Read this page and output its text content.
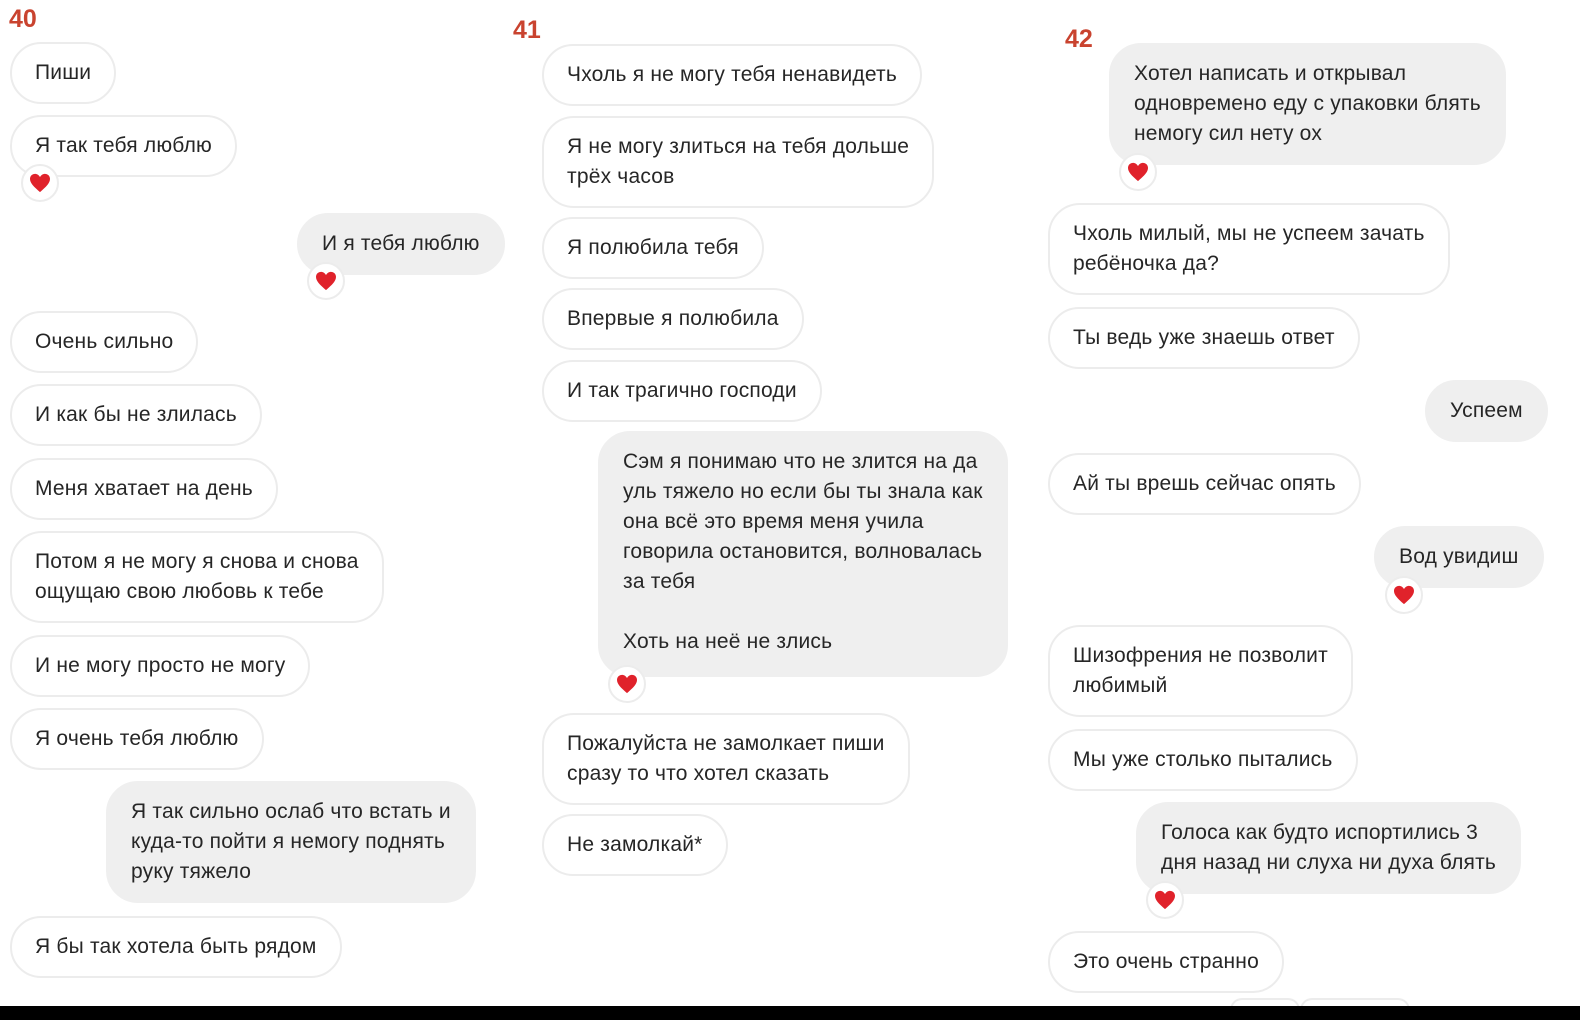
40
Пиши
Я так тебя люблю
И я тебя люблю
Очень сильно
И как бы не злилась
Меня хватает на день
Потом я не могу я снова и снова
ощущаю свою любовь к тебе
И не могу просто не могу
Я очень тебя люблю
Я так сильно ослаб что встать и
куда-то пойти я немогу поднять
руку тяжело
Я бы так хотела быть рядом
41
Чхоль я не могу тебя ненавидеть
Я не могу злиться на тебя дольше
трёх часов
Я полюбила тебя
Впервые я полюбила
И так трагично господи
Сэм я понимаю что не злится на да
уль тяжело но если бы ты знала как
она всё это время меня учила
говорила остановится, волновалась
за тебя

Хоть на неё не злись
Пожалуйста не замолкает пиши
сразу то что хотел сказать
Не замолкай*
42
Хотел написать и открывал
одновремено еду с упаковки блять
немогу сил нету ох
Чхоль милый, мы не успеем зачать
ребёночка да?
Ты ведь уже знаешь ответ
Успеем
Ай ты врешь сейчас опять
Вод увидиш
Шизофрения не позволит
любимый
Мы уже столько пытались
Голоса как будто испортились 3
дня назад ни слуха ни духа блять
Это очень странно
